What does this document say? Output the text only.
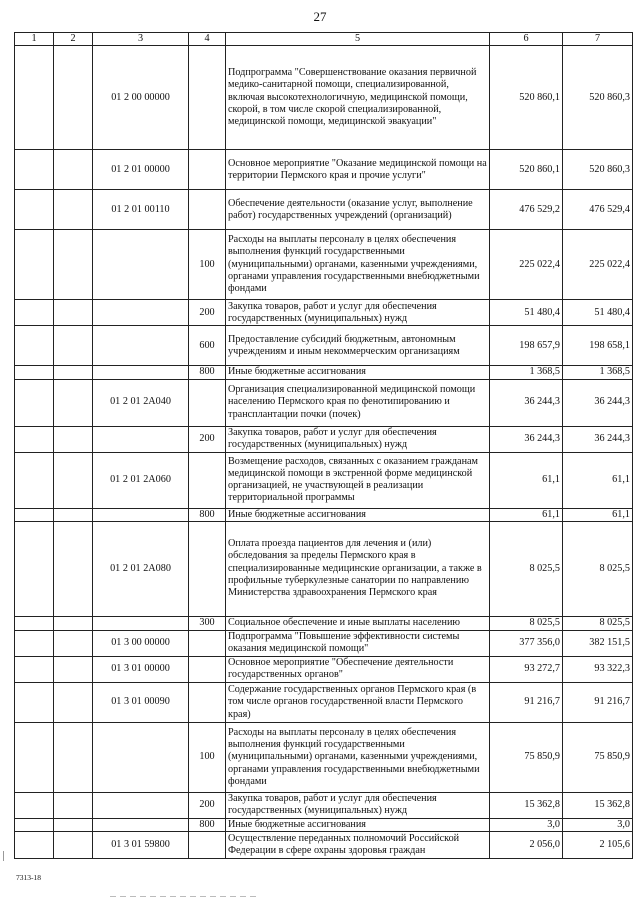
27
1	2	3	4	5	6	7
		01 2 00 00000		Подпрограмма "Совершенствование оказания первичной медико-санитарной помощи, специализированной, включая высокотехнологичную, медицинской помощи, скорой, в том числе скорой специализированной, медицинской помощи, медицинской эвакуации"	520 860,1	520 860,3
		01 2 01 00000		Основное мероприятие "Оказание медицинской помощи на территории Пермского края и прочие услуги"	520 860,1	520 860,3
		01 2 01 00110		Обеспечение деятельности (оказание услуг, выполнение работ) государственных учреждений (организаций)	476 529,2	476 529,4
			100	Расходы на выплаты персоналу в целях обеспечения выполнения функций государственными (муниципальными) органами, казенными учреждениями, органами управления государственными внебюджетными фондами	225 022,4	225 022,4
			200	Закупка товаров, работ и услуг для обеспечения государственных (муниципальных) нужд	51 480,4	51 480,4
			600	Предоставление субсидий бюджетным, автономным учреждениям и иным некоммерческим организациям	198 657,9	198 658,1
			800	Иные бюджетные ассигнования	1 368,5	1 368,5
		01 2 01 2А040		Организация специализированной медицинской помощи населению Пермского края по фенотипированию и трансплантации почки (почек)	36 244,3	36 244,3
			200	Закупка товаров, работ и услуг для обеспечения государственных (муниципальных) нужд	36 244,3	36 244,3
		01 2 01 2А060		Возмещение расходов, связанных с оказанием гражданам медицинской помощи в экстренной форме медицинской организацией, не участвующей в реализации территориальной программы	61,1	61,1
			800	Иные бюджетные ассигнования	61,1	61,1
		01 2 01 2А080		Оплата проезда пациентов для лечения и (или) обследования за пределы Пермского края в специализированные медицинские организации, а также в профильные туберкулезные санатории по направлению Министерства здравоохранения Пермского края	8 025,5	8 025,5
			300	Социальное обеспечение и иные выплаты населению	8 025,5	8 025,5
		01 3 00 00000		Подпрограмма "Повышение эффективности системы оказания медицинской помощи"	377 356,0	382 151,5
		01 3 01 00000		Основное мероприятие "Обеспечение деятельности государственных органов"	93 272,7	93 322,3
		01 3 01 00090		Содержание государственных органов Пермского края (в том числе органов государственной власти Пермского края)	91 216,7	91 216,7
			100	Расходы на выплаты персоналу в целях обеспечения выполнения функций государственными (муниципальными) органами, казенными учреждениями, органами управления государственными внебюджетными фондами	75 850,9	75 850,9
			200	Закупка товаров, работ и услуг для обеспечения государственных (муниципальных) нужд	15 362,8	15 362,8
			800	Иные бюджетные ассигнования	3,0	3,0
		01 3 01 59800		Осуществление переданных полномочий Российской Федерации в сфере охраны здоровья граждан	2 056,0	2 105,6
7313-18
